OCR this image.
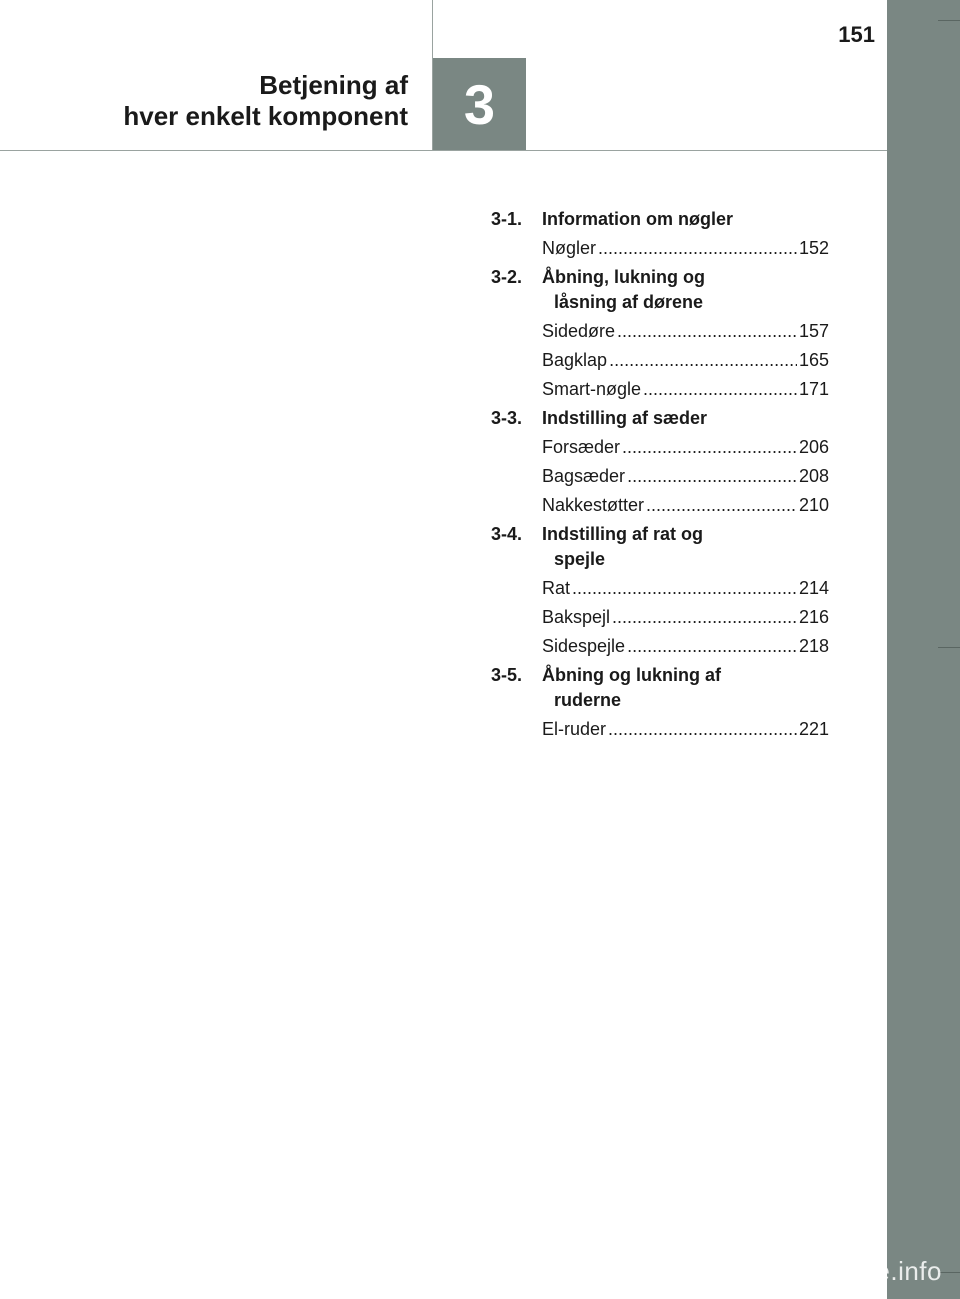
151
Betjening af
hver enkelt komponent 3
3-1.	Information om nøgler
Nøgler .....	152
3-2.	Åbning, lukning og
låsning af dørene
Sidedøre .....	157
Bagklap .....	165
Smart-nøgle .....	171
3-3.	Indstilling af sæder
Forsæder .....	206
Bagsæder .....	208
Nakkestøtter .....	210
3-4.	Indstilling af rat og
spejle
Rat .....	214
Bakspejl .....	216
Sidespejle .....	218
3-5.	Åbning og lukning af
ruderne
El-ruder .....	221
carmanualsonline.info
